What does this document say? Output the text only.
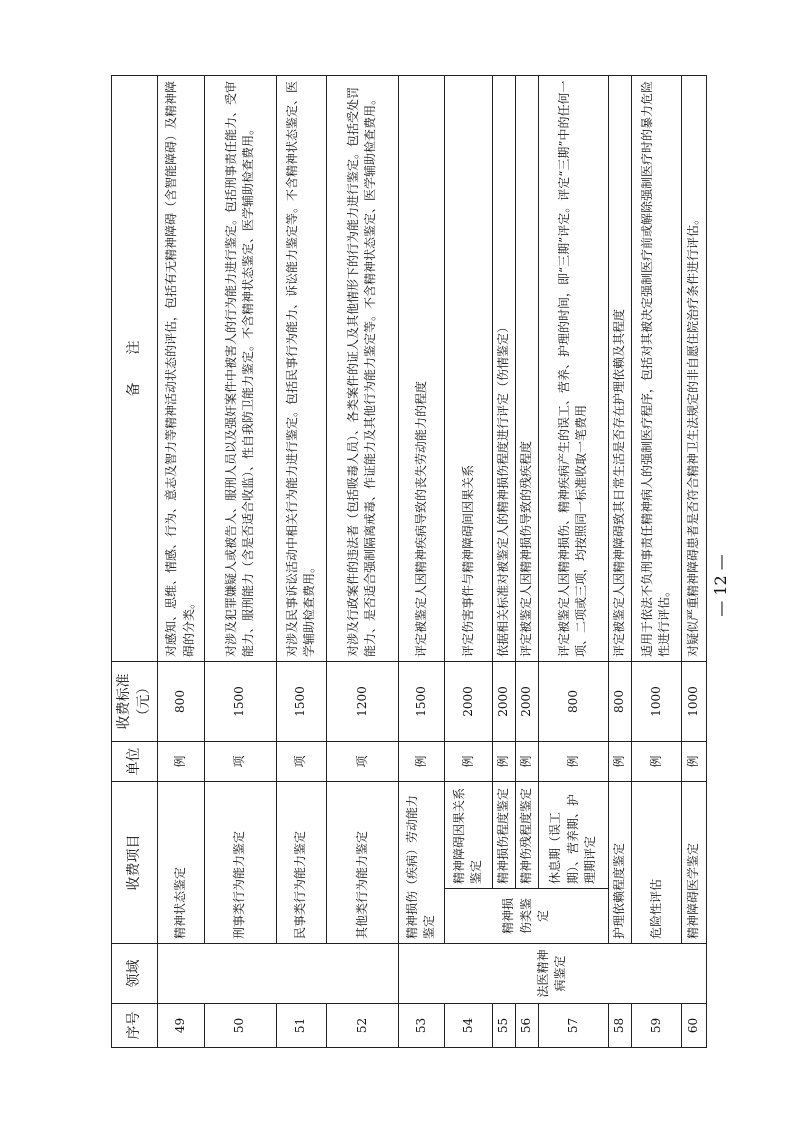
序号	领域	收费项目		单位	收费标准（元）	备　　注
49		精神状态鉴定		例	800	对感知、思维、情感、行为、意志及智力等精神活动状态的评估，包括有无精神障碍（含智能障碍）及精神障碍的分类。
50		刑事类行为能力鉴定		项	1500	对涉及犯罪嫌疑人或被告人、服刑人员以及强奸案件中被害人的行为能力进行鉴定。包括刑事责任能力、受审能力、服刑能力（含是否适合收监）、性自我防卫能力鉴定。不含精神状态鉴定、医学辅助检查费用。
51		民事类行为能力鉴定		项	1500	对涉及民事诉讼活动中相关行为能力进行鉴定。包括民事行为能力、诉讼能力鉴定等。不含精神状态鉴定、医学辅助检查费用。
52		其他类行为能力鉴定		项	1200	对涉及行政案件的违法者（包括吸毒人员）、各类案件的证人及其他情形下的行为能力进行鉴定。包括受处罚能力、是否适合强制隔离戒毒、作证能力及其他行为能力鉴定等。不含精神状态鉴定、医学辅助检查费用。
53	法医精神病鉴定	精神损伤（疾病）劳动能力鉴定		例	1500	评定被鉴定人因精神疾病导致的丧失劳动能力的程度
54		精神损伤类鉴定	精神障碍因果关系鉴定	例	2000	评定伤害事件与精神障碍间因果关系
55			精神损伤程度鉴定	例	2000	依据相关标准对被鉴定人的精神损伤程度进行评定（伤情鉴定）
56			精神伤残程度鉴定	例	2000	评定被鉴定人因精神损伤导致的残疾程度
57			休息期（误工期）、营养期、护理期评定	例	800	评定被鉴定人因精神损伤、精神疾病产生的误工、营养、护理的时间，即“三期”评定。评定“三期”中的任何一项、二项或三项，均按照同一标准收取一笔费用
58		护理依赖程度鉴定		例	800	评定被鉴定人因精神障碍致其日常生活是否存在护理依赖及其程度
59		危险性评估		例	1000	适用于依法不负刑事责任精神病人的强制医疗程序，包括对其被决定强制医疗前或解除强制医疗时的暴力危险性进行评估。
60		精神障碍医学鉴定		例	1000	对疑似严重精神障碍患者是否符合精神卫生法规定的非自愿住院治疗条件进行评估。 — 12 —
